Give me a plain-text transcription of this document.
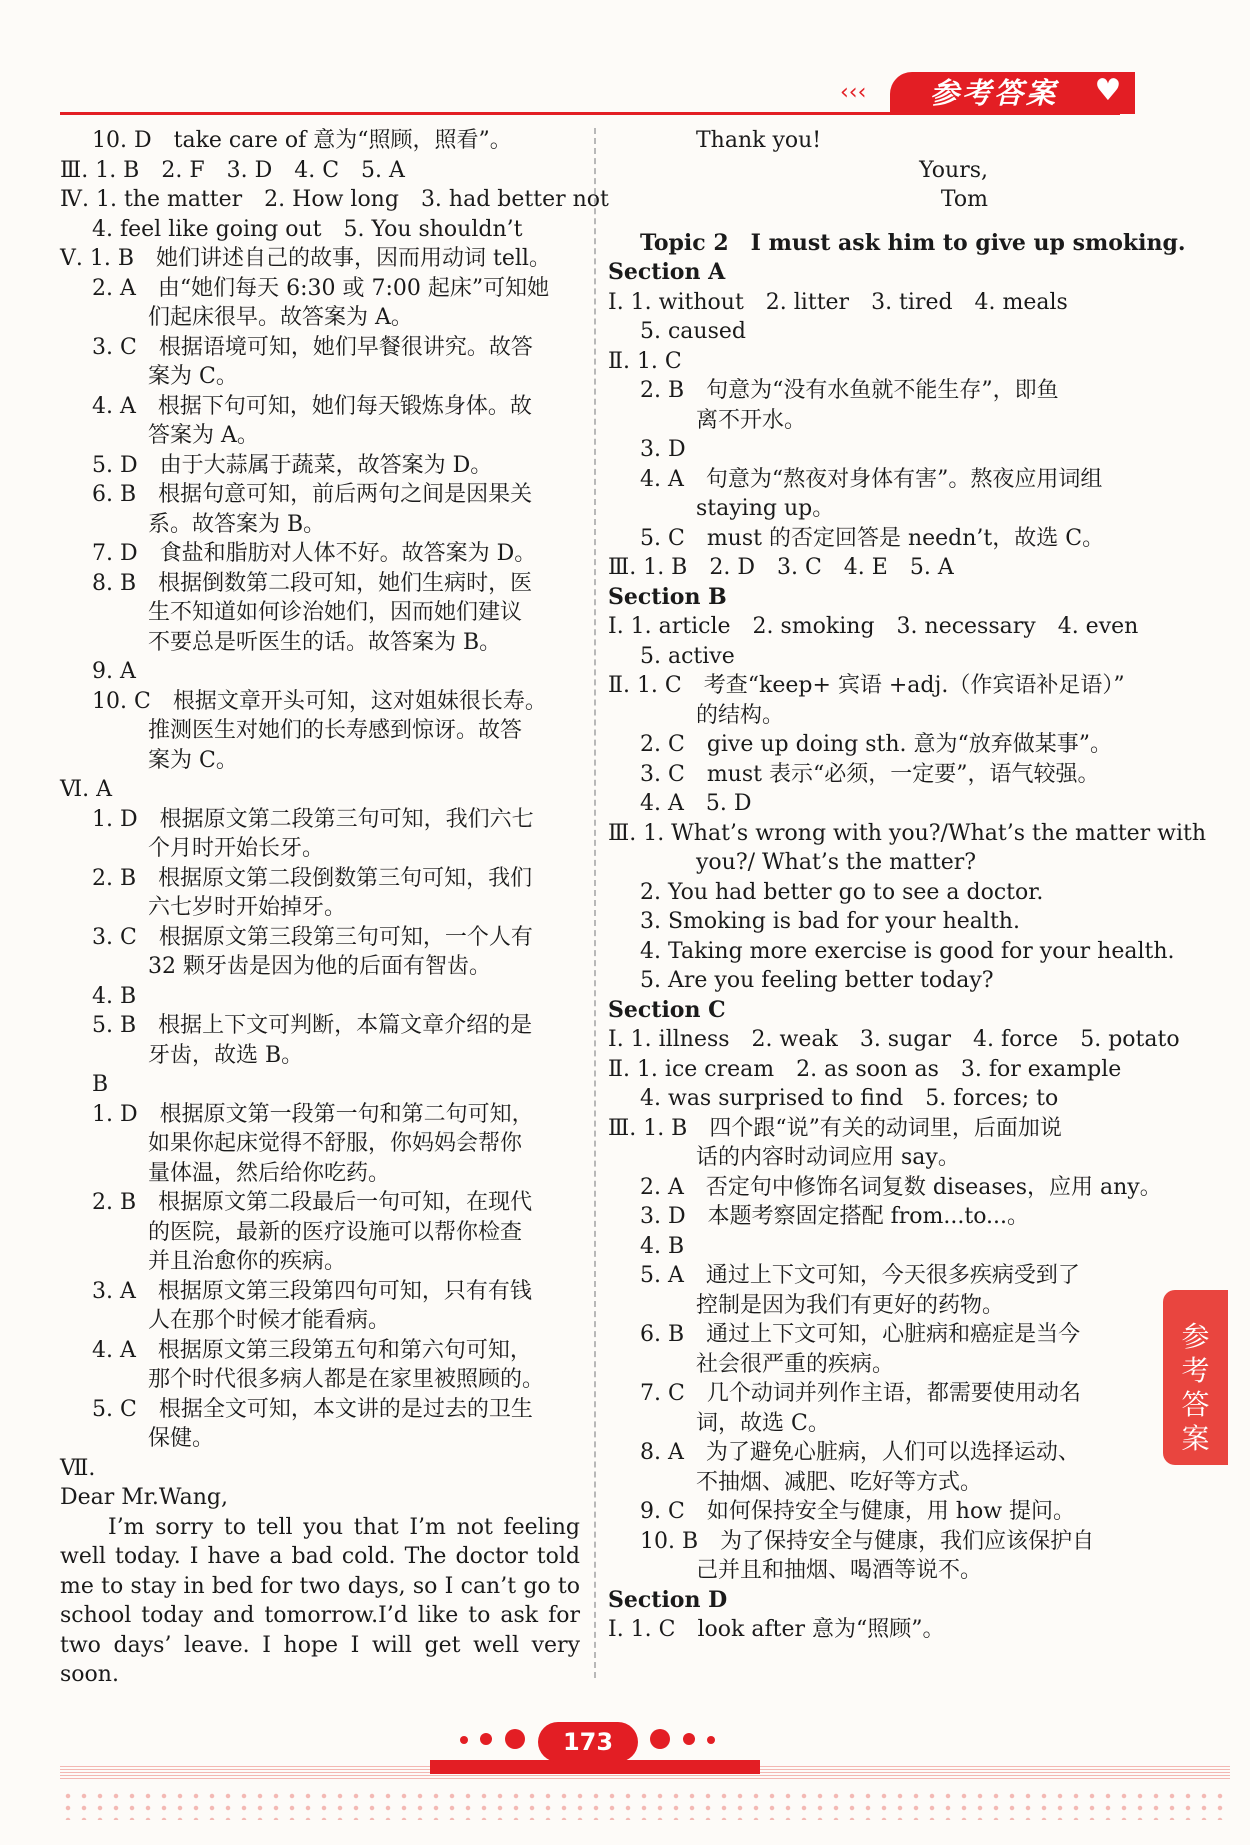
‹‹‹	参考答案	♥
10. D　take care of 意为“照顾，照看”。
Ⅲ. 1. B　2. F　3. D　4. C　5. A
Ⅳ. 1. the matter　2. How long　3. had better not
4. feel like going out　5. You shouldn’t
Ⅴ. 1. B　她们讲述自己的故事，因而用动词 tell。
2. A　由“她们每天 6:30 或 7:00 起床”可知她
们起床很早。故答案为 A。
3. C　根据语境可知，她们早餐很讲究。故答
案为 C。
4. A　根据下句可知，她们每天锻炼身体。故
答案为 A。
5. D　由于大蒜属于蔬菜，故答案为 D。
6. B　根据句意可知，前后两句之间是因果关
系。故答案为 B。
7. D　食盐和脂肪对人体不好。故答案为 D。
8. B　根据倒数第二段可知，她们生病时，医
生不知道如何诊治她们，因而她们建议
不要总是听医生的话。故答案为 B。
9. A
10. C　根据文章开头可知，这对姐妹很长寿。
推测医生对她们的长寿感到惊讶。故答
案为 C。
Ⅵ. A
1. D　根据原文第二段第三句可知，我们六七
个月时开始长牙。
2. B　根据原文第二段倒数第三句可知，我们
六七岁时开始掉牙。
3. C　根据原文第三段第三句可知，一个人有
32 颗牙齿是因为他的后面有智齿。
4. B
5. B　根据上下文可判断，本篇文章介绍的是
牙齿，故选 B。
B
1. D　根据原文第一段第一句和第二句可知，
如果你起床觉得不舒服，你妈妈会帮你
量体温，然后给你吃药。
2. B　根据原文第二段最后一句可知，在现代
的医院，最新的医疗设施可以帮你检查
并且治愈你的疾病。
3. A　根据原文第三段第四句可知，只有有钱
人在那个时候才能看病。
4. A　根据原文第三段第五句和第六句可知，
那个时代很多病人都是在家里被照顾的。
5. C　根据全文可知，本文讲的是过去的卫生
保健。
Ⅶ.
Dear Mr.Wang,
I’m sorry to tell you that I’m not feeling well today. I have a bad cold. The doctor told me to stay in bed for two days, so I can’t go to school today and tomorrow.I’d like to ask for two days’ leave. I hope I will get well very soon.
Thank you!
Yours,
Tom
Topic 2　I must ask him to give up smoking.
Section A
Ⅰ. 1. without　2. litter　3. tired　4. meals
5. caused
Ⅱ. 1. C
2. B　句意为“没有水鱼就不能生存”，即鱼
离不开水。
3. D
4. A　句意为“熬夜对身体有害”。熬夜应用词组
staying up。
5. C　must 的否定回答是 needn’t，故选 C。
Ⅲ. 1. B　2. D　3. C　4. E　5. A
Section B
Ⅰ. 1. article　2. smoking　3. necessary　4. even
5. active
Ⅱ. 1. C　考查“keep+ 宾语 +adj.（作宾语补足语）”
的结构。
2. C　give up doing sth. 意为“放弃做某事”。
3. C　must 表示“必须，一定要”，语气较强。
4. A　5. D
Ⅲ. 1. What’s wrong with you?/What’s the matter with
you?/ What’s the matter?
2. You had better go to see a doctor.
3. Smoking is bad for your health.
4. Taking more exercise is good for your health.
5. Are you feeling better today?
Section C
Ⅰ. 1. illness　2. weak　3. sugar　4. force　5. potato
Ⅱ. 1. ice cream　2. as soon as　3. for example
4. was surprised to find　5. forces; to
Ⅲ. 1. B　四个跟“说”有关的动词里，后面加说
话的内容时动词应用 say。
2. A　否定句中修饰名词复数 diseases，应用 any。
3. D　本题考察固定搭配 from...to...。
4. B
5. A　通过上下文可知，今天很多疾病受到了
控制是因为我们有更好的药物。
6. B　通过上下文可知，心脏病和癌症是当今
社会很严重的疾病。
7. C　几个动词并列作主语，都需要使用动名
词，故选 C。
8. A　为了避免心脏病，人们可以选择运动、
不抽烟、减肥、吃好等方式。
9. C　如何保持安全与健康，用 how 提问。
10. B　为了保持安全与健康，我们应该保护自
己并且和抽烟、喝酒等说不。
Section D
Ⅰ. 1. C　look after 意为“照顾”。
参
考
答
案
173
